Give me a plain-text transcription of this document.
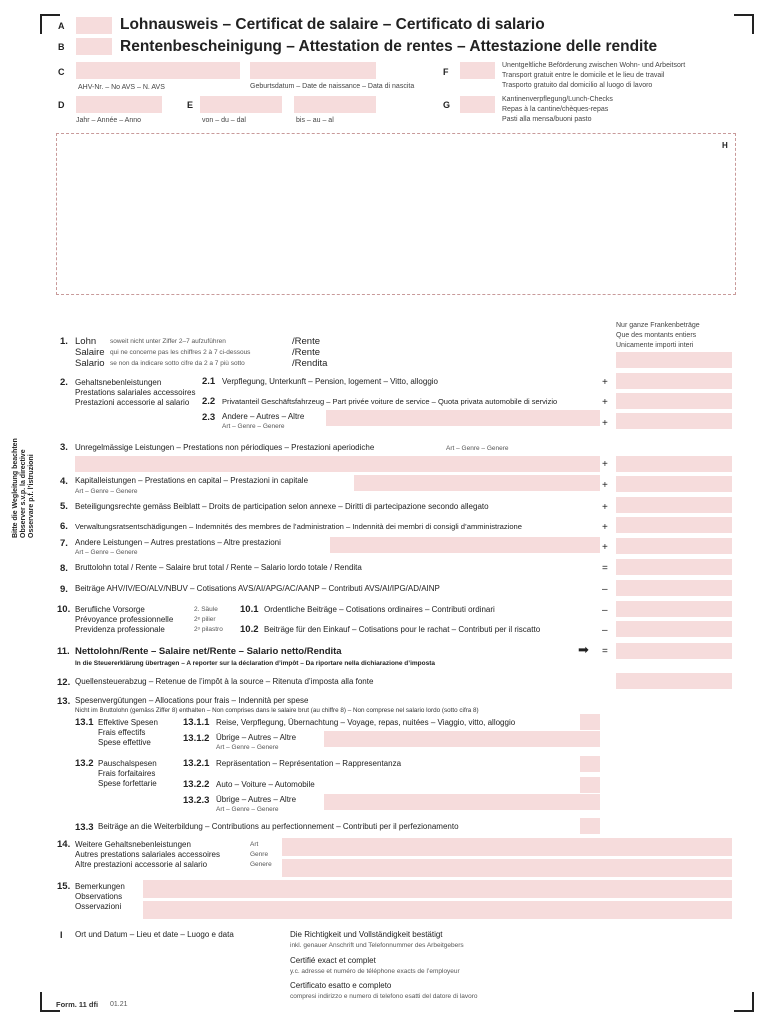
A	Lohnausweis – Certificat de salaire – Certificato di salario
B	Rentenbescheinigung – Attestation de rentes – Attestazione delle rendite
C
AHV-Nr. – No AVS – N. AVS	Geburtsdatum – Date de naissance – Data di nascita
F
Unentgeltliche Beförderung zwischen Wohn- und Arbeitsort
Transport gratuit entre le domicile et le lieu de travail
Trasporto gratuito dal domicilio al luogo di lavoro
D
Jahr – Année – Anno
E
von – du – dal	bis – au – al
G
Kantinenverpflegung/Lunch-Checks
Repas à la cantine/chèques-repas
Pasti alla mensa/buoni pasto
H
Nur ganze Frankenbeträge
Que des montants entiers
Unicamente importi interi
Bitte die Wegleitung beachten Observer s.v.p. la directive Osservare p.f. l’istruzioni
1. Lohn soweit nicht unter Ziffer 2–7 aufzuführen	/Rente
Salaire qui ne concerne pas les chiffres 2 à 7 ci-dessous	/Rente
Salario se non da indicare sotto cifre da 2 a 7 più sotto	/Rendita
2. Gehaltsnebenleistungen
Prestations salariales accessoires
Prestazioni accessorie al salario
2.1 Verpflegung, Unterkunft – Pension, logement – Vitto, alloggio	+
2.2 Privatanteil Geschäftsfahrzeug – Part privée voiture de service – Quota privata automobile di servizio	+
2.3 Andere – Autres – Altre
Art – Genre – Genere	+
3. Unregelmässige Leistungen – Prestations non périodiques – Prestazioni aperiodiche	Art – Genre – Genere
+
4. Kapitalleistungen – Prestations en capital – Prestazioni in capitale
Art – Genre – Genere
+
5. Beteiligungsrechte gemäss Beiblatt – Droits de participation selon annexe – Diritti di partecipazione secondo allegato	+
6. Verwaltungsratsentschädigungen – Indemnités des membres de l’administration – Indennità dei membri di consigli d’amministrazione	+
7. Andere Leistungen – Autres prestations – Altre prestazioni
Art – Genre – Genere	+
8. Bruttolohn total / Rente – Salaire brut total / Rente – Salario lordo totale / Rendita	=
9. Beiträge AHV/IV/EO/ALV/NBUV – Cotisations AVS/AI/APG/AC/AANP – Contributi AVS/AI/IPG/AD/AINP	–
10. Berufliche Vorsorge
Prévoyance professionnelle
Previdenza professionale
2. Säule
2ᵉ pilier
2ᵒ pilastro
10.1 Ordentliche Beiträge – Cotisations ordinaires – Contributi ordinari	–
10.2 Beiträge für den Einkauf – Cotisations pour le rachat – Contributi per il riscatto	–
11. Nettolohn/Rente – Salaire net/Rente – Salario netto/Rendita	➡ =
In die Steuererklärung übertragen – A reporter sur la déclaration d’impôt – Da riportare nella dichiarazione d’imposta
12. Quellensteuerabzug – Retenue de l’impôt à la source – Ritenuta d’imposta alla fonte
13. Spesenvergütungen – Allocations pour frais – Indennità per spese
Nicht im Bruttolohn (gemäss Ziffer 8) enthalten – Non comprises dans le salaire brut (au chiffre 8) – Non comprese nel salario lordo (sotto cifra 8)
13.1 Effektive Spesen
Frais effectifs
Spese effettive
13.1.1 Reise, Verpflegung, Übernachtung – Voyage, repas, nuitées – Viaggio, vitto, alloggio
13.1.2 Übrige – Autres – Altre
Art – Genre – Genere
13.2 Pauschalspesen
Frais forfaitaires
Spese forfettarie
13.2.1 Repräsentation – Représentation – Rappresentanza
13.2.2 Auto – Voiture – Automobile
13.2.3 Übrige – Autres – Altre
Art – Genre – Genere
13.3 Beiträge an die Weiterbildung – Contributions au perfectionnement – Contributi per il perfezionamento
14. Weitere Gehaltsnebenleistungen
Autres prestations salariales accessoires
Altre prestazioni accessorie al salario
Art
Genre
Genere
15. Bemerkungen
Observations
Osservazioni
I Ort und Datum – Lieu et date – Luogo e data	Die Richtigkeit und Vollständigkeit bestätigt
inkl. genauer Anschrift und Telefonnummer des Arbeitgebers
Certifié exact et complet
y.c. adresse et numéro de téléphone exacts de l’employeur
Certificato esatto e completo
compresi indirizzo e numero di telefono esatti del datore di lavoro
Form. 11 dfi 01.21
